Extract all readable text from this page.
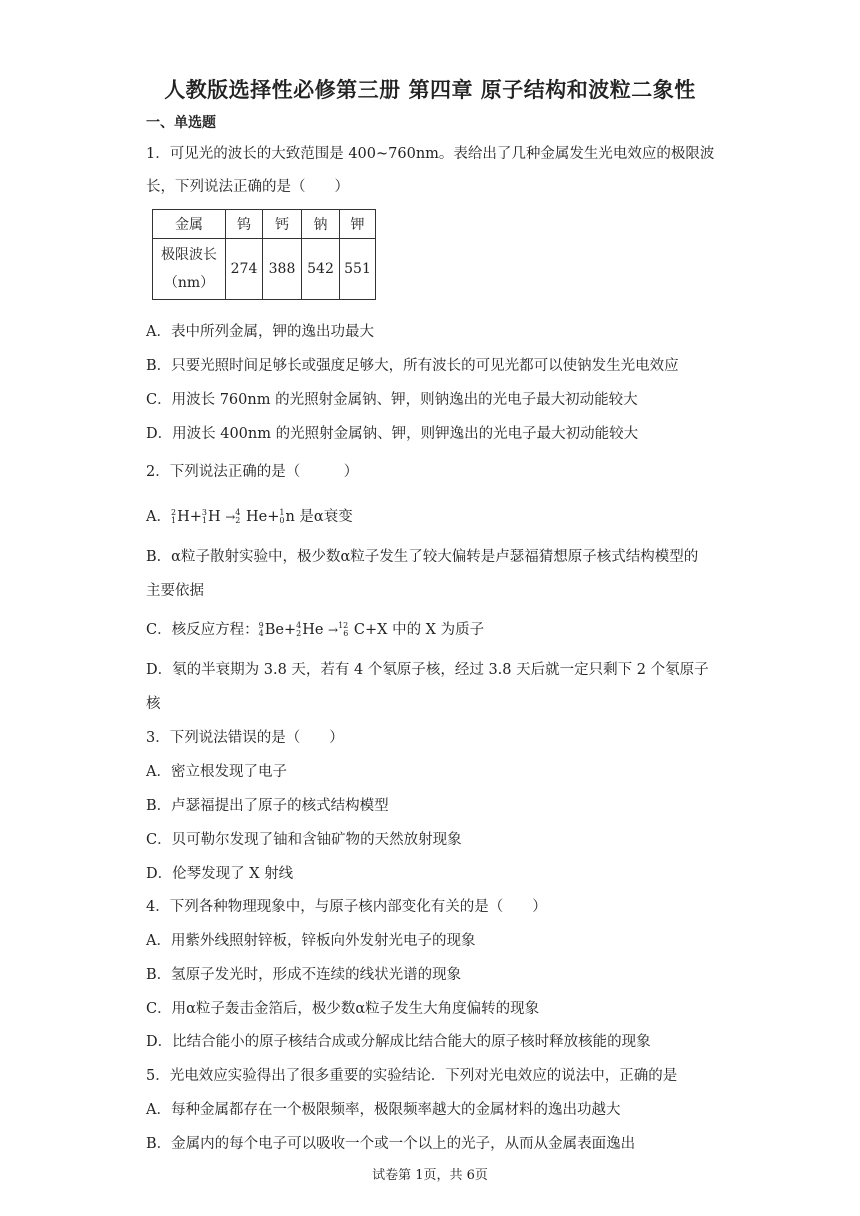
人教版选择性必修第三册 第四章 原子结构和波粒二象性
一、单选题
1．可见光的波长的大致范围是 400~760nm。表给出了几种金属发生光电效应的极限波
长，下列说法正确的是（　　）
金属	钨	钙	钠	钾

极限波长
（nm）	274	388	542	551
A．表中所列金属，钾的逸出功最大
B．只要光照时间足够长或强度足够大，所有波长的可见光都可以使钠发生光电效应
C．用波长 760nm 的光照射金属钠、钾，则钠逸出的光电子最大初动能较大
D．用波长 400nm 的光照射金属钠、钾，则钾逸出的光电子最大初动能较大
2．下列说法正确的是（　　　）
A． 2
1 H+ 3
1 H → 4
2 He+ 1
0 n 是α衰变
B．α粒子散射实验中，极少数α粒子发生了较大偏转是卢瑟福猜想原子核式结构模型的
主要依据
C．核反应方程： 9
4 Be+ 4
2 He → 12
6 C+X 中的 X 为质子
D．氡的半衰期为 3.8 天，若有 4 个氡原子核，经过 3.8 天后就一定只剩下 2 个氡原子
核
3．下列说法错误的是（　　）
A．密立根发现了电子
B．卢瑟福提出了原子的核式结构模型
C．贝可勒尔发现了铀和含铀矿物的天然放射现象
D．伦琴发现了 X 射线
4．下列各种物理现象中，与原子核内部变化有关的是（　　）
A．用紫外线照射锌板，锌板向外发射光电子的现象
B．氢原子发光时，形成不连续的线状光谱的现象
C．用α粒子轰击金箔后，极少数α粒子发生大角度偏转的现象
D．比结合能小的原子核结合成或分解成比结合能大的原子核时释放核能的现象
5．光电效应实验得出了很多重要的实验结论．下列对光电效应的说法中，正确的是
A．每种金属都存在一个极限频率，极限频率越大的金属材料的逸出功越大
B．金属内的每个电子可以吸收一个或一个以上的光子，从而从金属表面逸出
试卷第 1页，共 6页
